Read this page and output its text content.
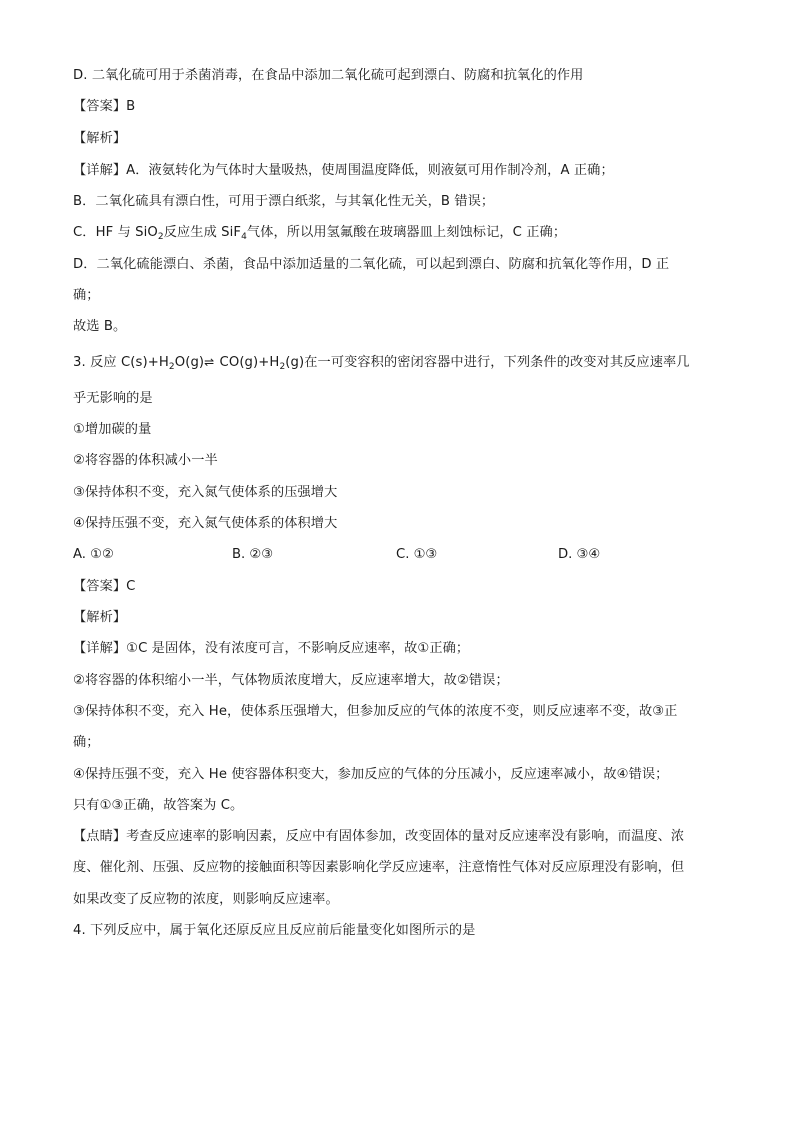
D. 二氧化硫可用于杀菌消毒，在食品中添加二氧化硫可起到漂白、防腐和抗氧化的作用
【答案】B
【解析】
【详解】A．液氨转化为气体时大量吸热，使周围温度降低，则液氨可用作制冷剂，A 正确；
B．二氧化硫具有漂白性，可用于漂白纸浆，与其氧化性无关，B 错误；
C．HF 与 SiO$_2$反应生成 SiF$_4$气体，所以用氢氟酸在玻璃器皿上刻蚀标记，C 正确；
D．二氧化硫能漂白、杀菌，食品中添加适量的二氧化硫，可以起到漂白、防腐和抗氧化等作用，D 正
确；
故选 B。
3. 反应 $C(s)+H_2O(g)\rightleftharpoons$ $CO(g)+H_2(g)$在一可变容积的密闭容器中进行，下列条件的改变对其反应速率几
乎无影响的是
①增加碳的量
②将容器的体积减小一半
③保持体积不变，充入氮气使体系的压强增大
④保持压强不变，充入氮气使体系的体积增大
A. ①②	B. ②③	C. ①③	D. ③④
【答案】C
【解析】
【详解】①C 是固体，没有浓度可言，不影响反应速率，故①正确；
②将容器的体积缩小一半，气体物质浓度增大，反应速率增大，故②错误；
③保持体积不变，充入 He，使体系压强增大，但参加反应的气体的浓度不变，则反应速率不变，故③正
确；
④保持压强不变，充入 He 使容器体积变大，参加反应的气体的分压减小，反应速率减小，故④错误；
只有①③正确，故答案为 C。
【点睛】考查反应速率的影响因素，反应中有固体参加，改变固体的量对反应速率没有影响，而温度、浓
度、催化剂、压强、反应物的接触面积等因素影响化学反应速率，注意惰性气体对反应原理没有影响，但
如果改变了反应物的浓度，则影响反应速率。
4. 下列反应中，属于氧化还原反应且反应前后能量变化如图所示的是
